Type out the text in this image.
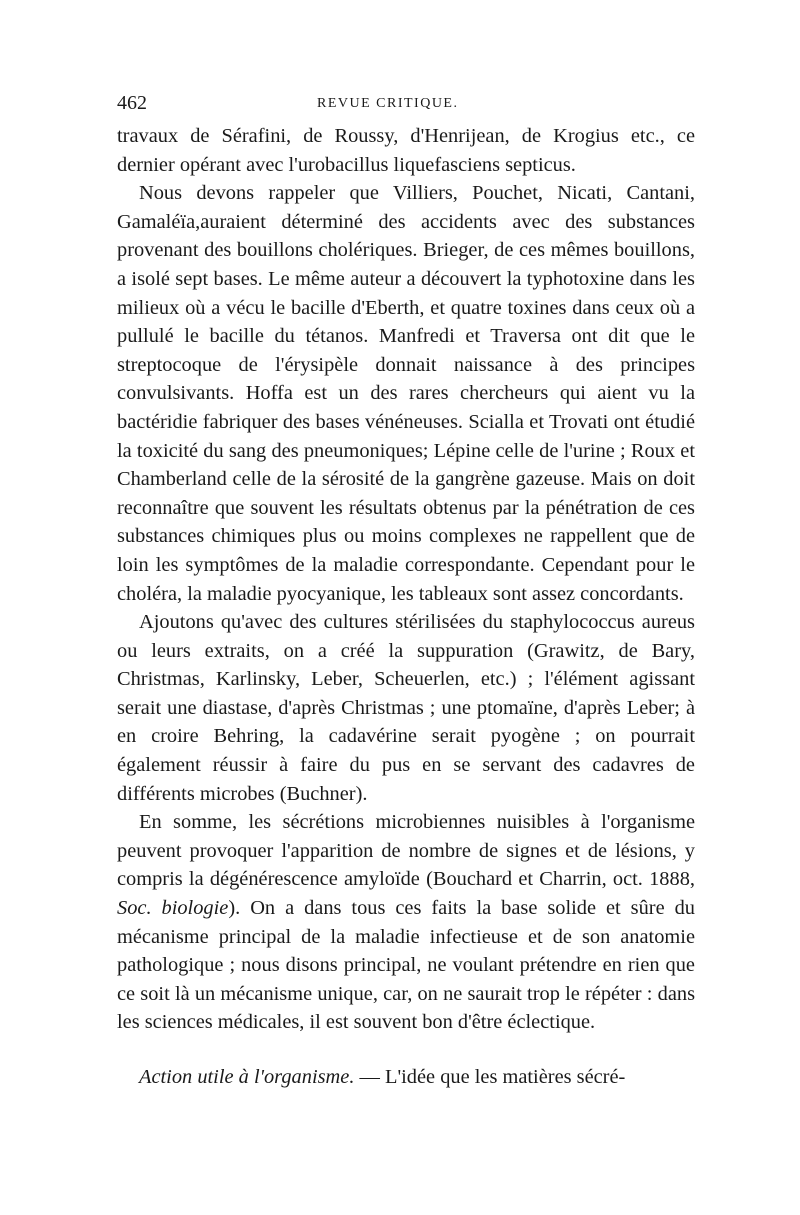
462	REVUE CRITIQUE.

travaux de Sérafini, de Roussy, d'Henrijean, de Krogius etc., ce dernier opérant avec l'urobacillus liquefasciens septicus.

Nous devons rappeler que Villiers, Pouchet, Nicati, Cantani, Gamaléïa,auraient déterminé des accidents avec des substances provenant des bouillons cholériques. Brieger, de ces mêmes bouillons, a isolé sept bases. Le même auteur a découvert la typhotoxine dans les milieux où a vécu le bacille d'Eberth, et quatre toxines dans ceux où a pullulé le bacille du tétanos. Manfredi et Traversa ont dit que le streptocoque de l'érysipèle donnait naissance à des principes convulsivants. Hoffa est un des rares chercheurs qui aient vu la bactéridie fabriquer des bases vénéneuses. Scialla et Trovati ont étudié la toxicité du sang des pneumoniques; Lépine celle de l'urine ; Roux et Chamberland celle de la sérosité de la gangrène gazeuse. Mais on doit reconnaître que souvent les résultats obtenus par la pénétration de ces substances chimiques plus ou moins complexes ne rappellent que de loin les symptômes de la maladie correspondante. Cependant pour le choléra, la maladie pyocyanique, les tableaux sont assez concordants.

Ajoutons qu'avec des cultures stérilisées du staphylococcus aureus ou leurs extraits, on a créé la suppuration (Grawitz, de Bary, Christmas, Karlinsky, Leber, Scheuerlen, etc.) ; l'élément agissant serait une diastase, d'après Christmas ; une ptomaïne, d'après Leber; à en croire Behring, la cadavérine serait pyogène ; on pourrait également réussir à faire du pus en se servant des cadavres de différents microbes (Buchner).

En somme, les sécrétions microbiennes nuisibles à l'organisme peuvent provoquer l'apparition de nombre de signes et de lésions, y compris la dégénérescence amyloïde (Bouchard et Charrin, oct. 1888, Soc. biologie). On a dans tous ces faits la base solide et sûre du mécanisme principal de la maladie infectieuse et de son anatomie pathologique ; nous disons principal, ne voulant prétendre en rien que ce soit là un mécanisme unique, car, on ne saurait trop le répéter : dans les sciences médicales, il est souvent bon d'être éclectique.

Action utile à l'organisme. — L'idée que les matières sécré-
